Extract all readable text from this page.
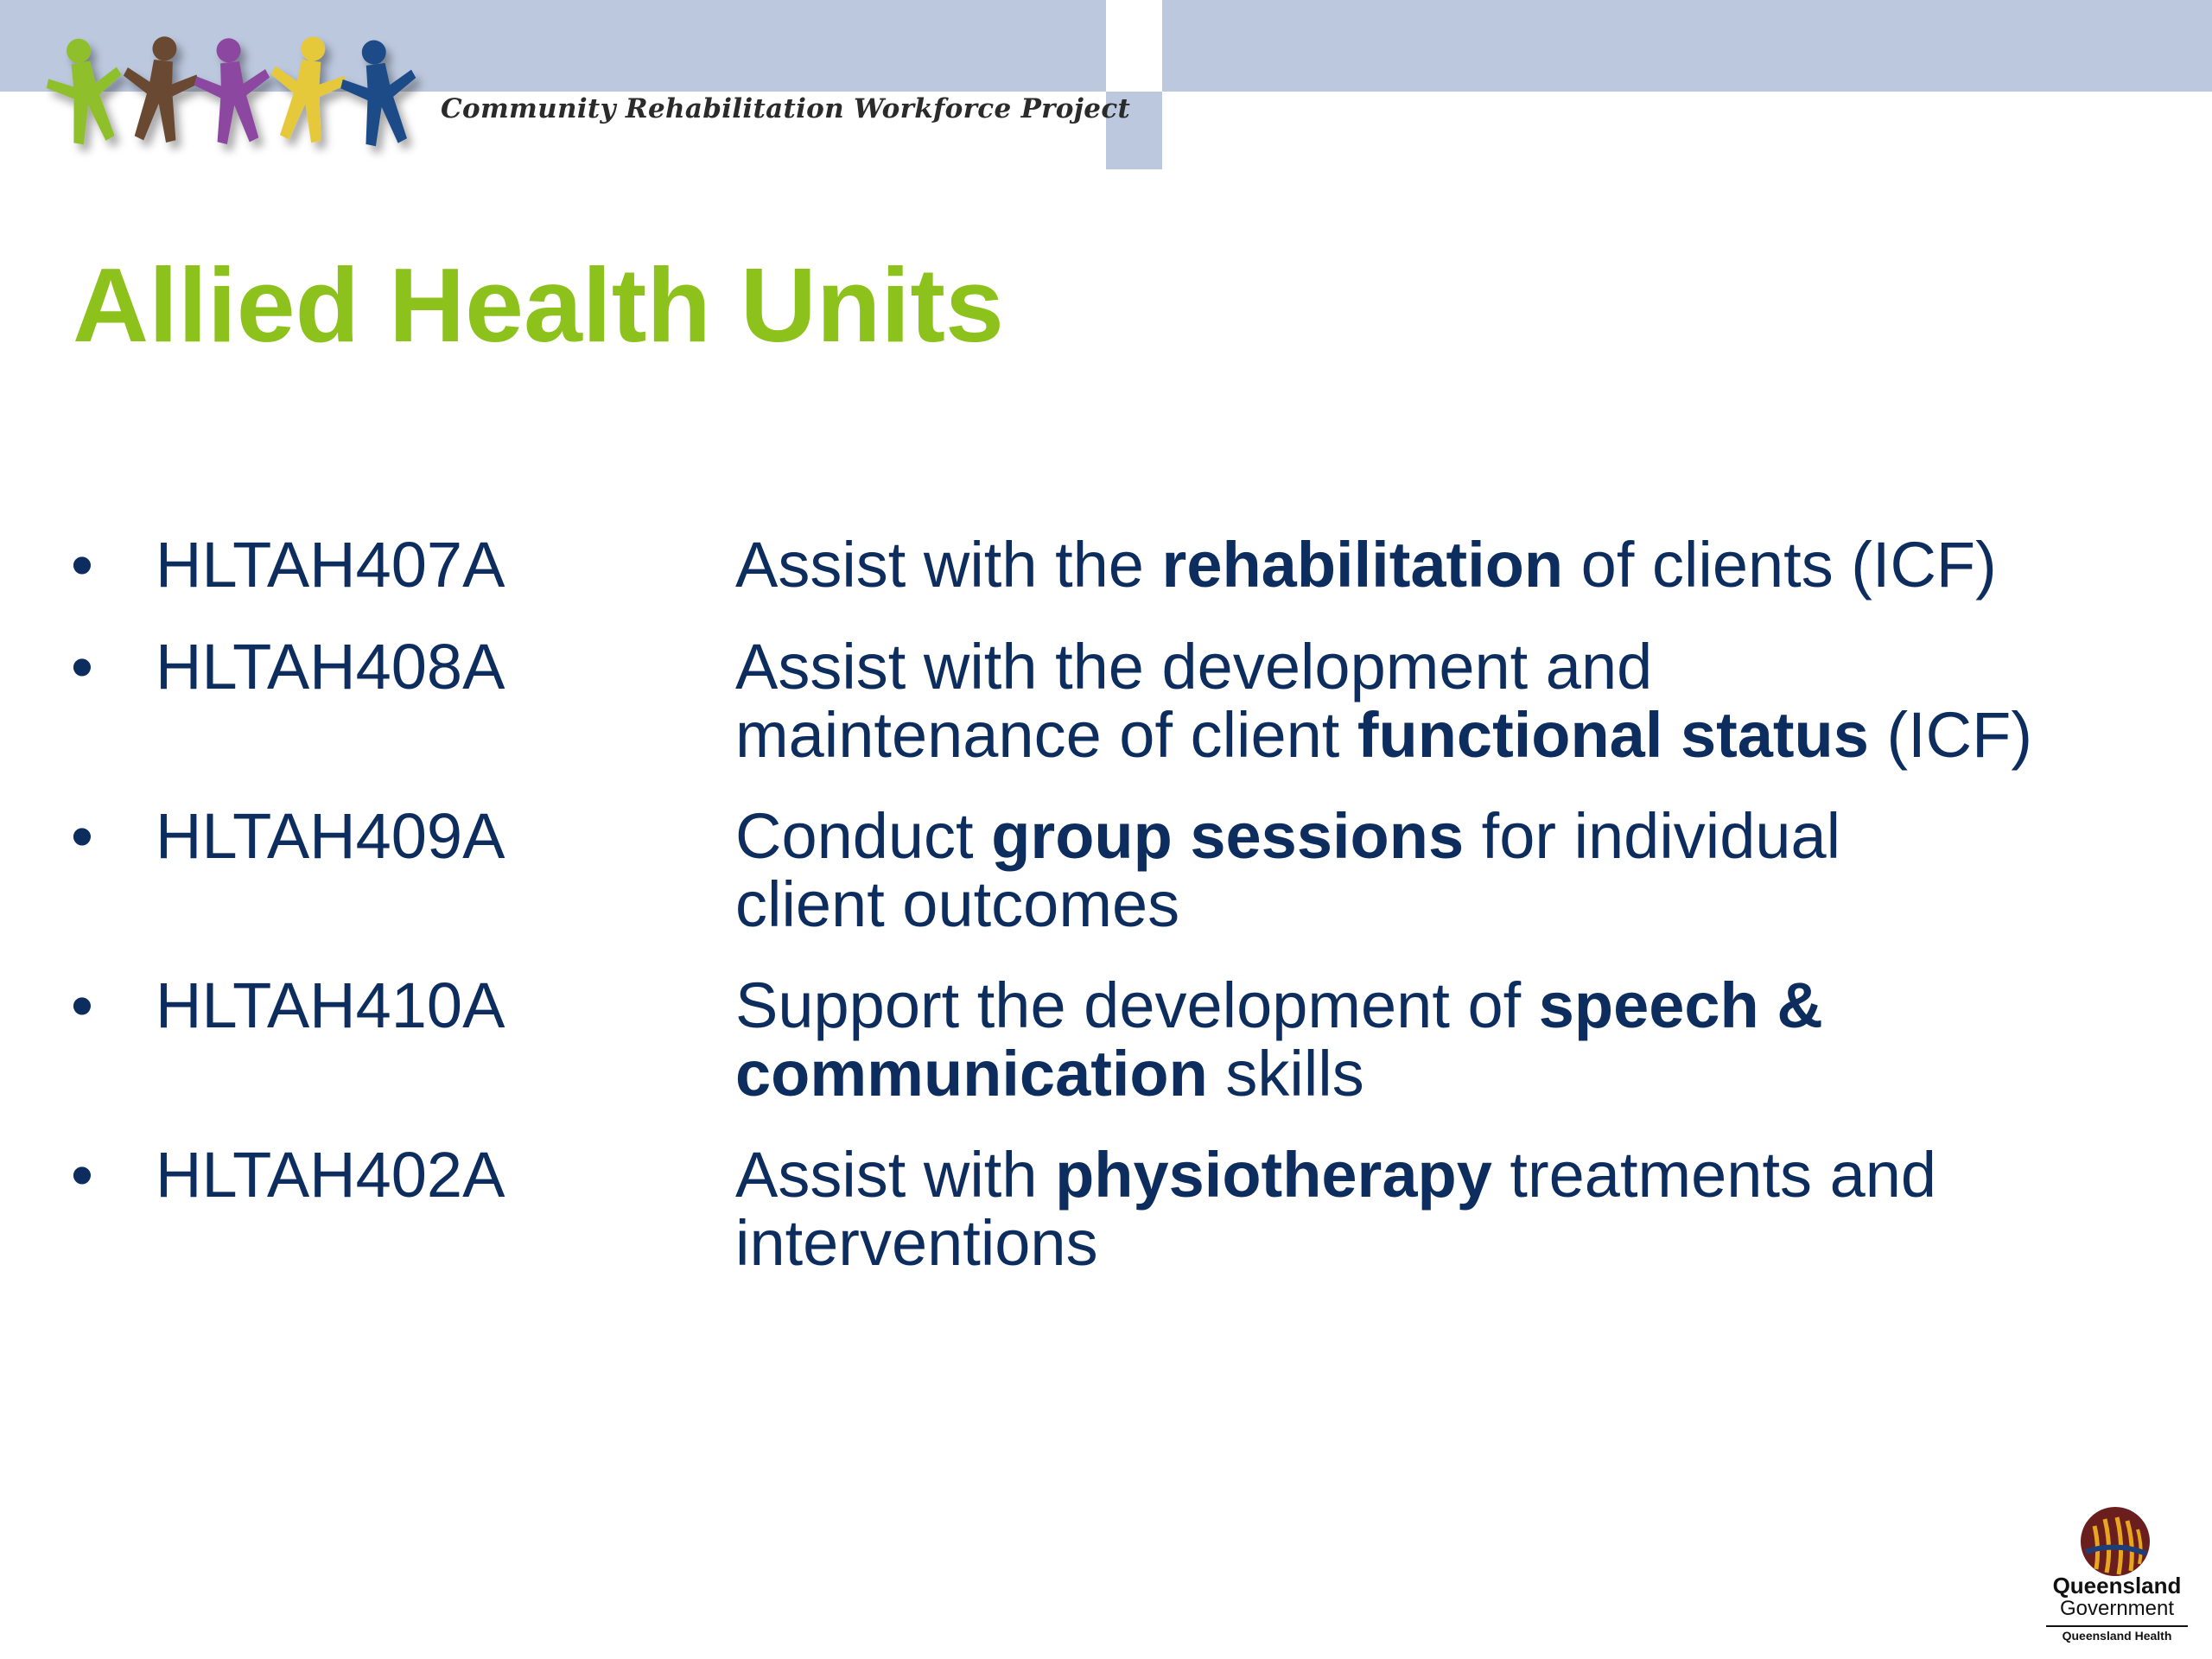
Community Rehabilitation Workforce Project
Allied Health Units
• HLTAH407A	Assist with the rehabilitation of clients (ICF)
• HLTAH408A	Assist with the development and
maintenance of client functional status (ICF)
• HLTAH409A	Conduct group sessions for individual
client outcomes
• HLTAH410A	Support the development of speech &
communication skills
• HLTAH402A	Assist with physiotherapy treatments and
interventions
Queensland
Government
Queensland Health
